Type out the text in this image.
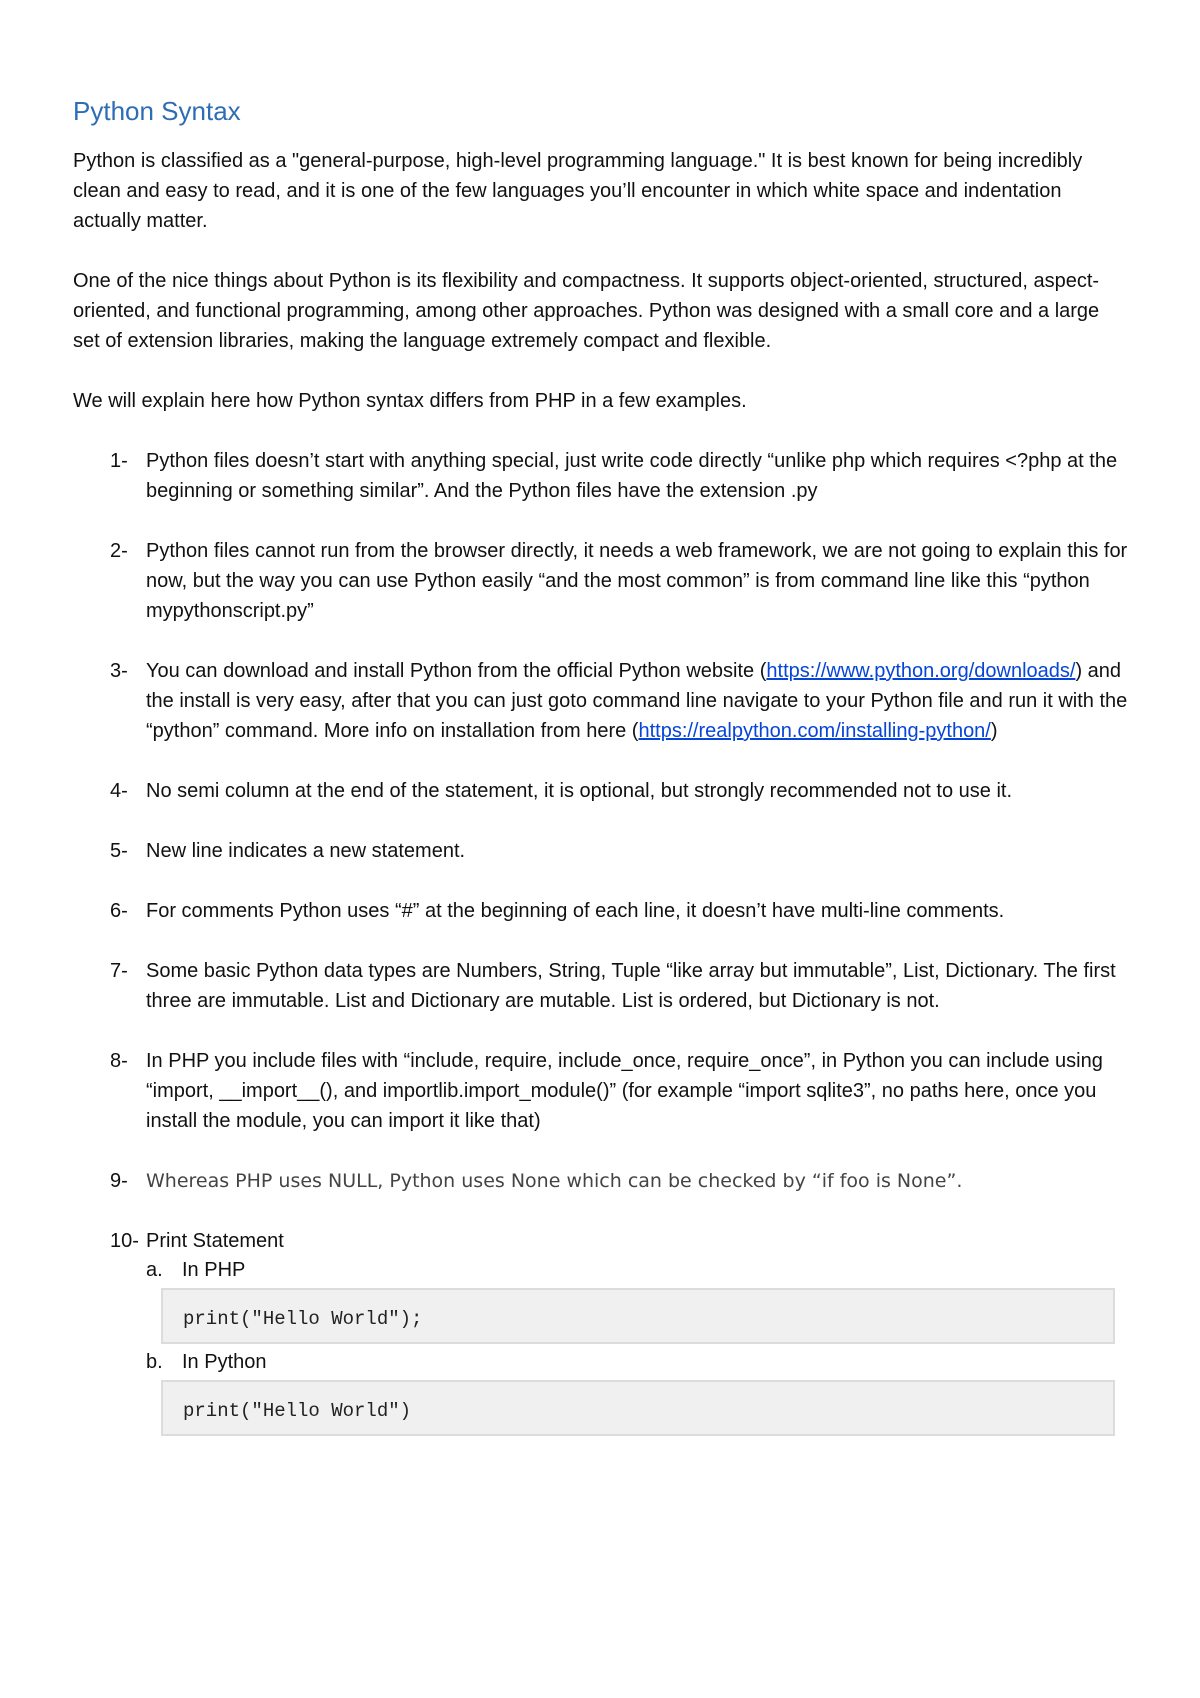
Python Syntax

Python is classified as a "general-purpose, high-level programming language." It is best known for being incredibly clean and easy to read, and it is one of the few languages you’ll encounter in which white space and indentation actually matter.

One of the nice things about Python is its flexibility and compactness. It supports object-oriented, structured, aspect-oriented, and functional programming, among other approaches. Python was designed with a small core and a large set of extension libraries, making the language extremely compact and flexible.

We will explain here how Python syntax differs from PHP in a few examples.

1- Python files doesn’t start with anything special, just write code directly “unlike php which requires <?php at the beginning or something similar”. And the Python files have the extension .py
2- Python files cannot run from the browser directly, it needs a web framework, we are not going to explain this for now, but the way you can use Python easily “and the most common” is from command line like this “python mypythonscript.py”
3- You can download and install Python from the official Python website (https://www.python.org/downloads/) and the install is very easy, after that you can just goto command line navigate to your Python file and run it with the “python” command. More info on installation from here (https://realpython.com/installing-python/)
4- No semi column at the end of the statement, it is optional, but strongly recommended not to use it.
5- New line indicates a new statement.
6- For comments Python uses “#” at the beginning of each line, it doesn’t have multi-line comments.
7- Some basic Python data types are Numbers, String, Tuple “like array but immutable”, List, Dictionary. The first three are immutable. List and Dictionary are mutable. List is ordered, but Dictionary is not.
8- In PHP you include files with “include, require, include_once, require_once”, in Python you can include using “import, __import__(), and importlib.import_module()” (for example “import sqlite3”, no paths here, once you install the module, you can import it like that)
9- Whereas PHP uses NULL, Python uses None which can be checked by “if foo is None”.
10- Print Statement
a. In PHP
print("Hello World");
b. In Python
print("Hello World")
